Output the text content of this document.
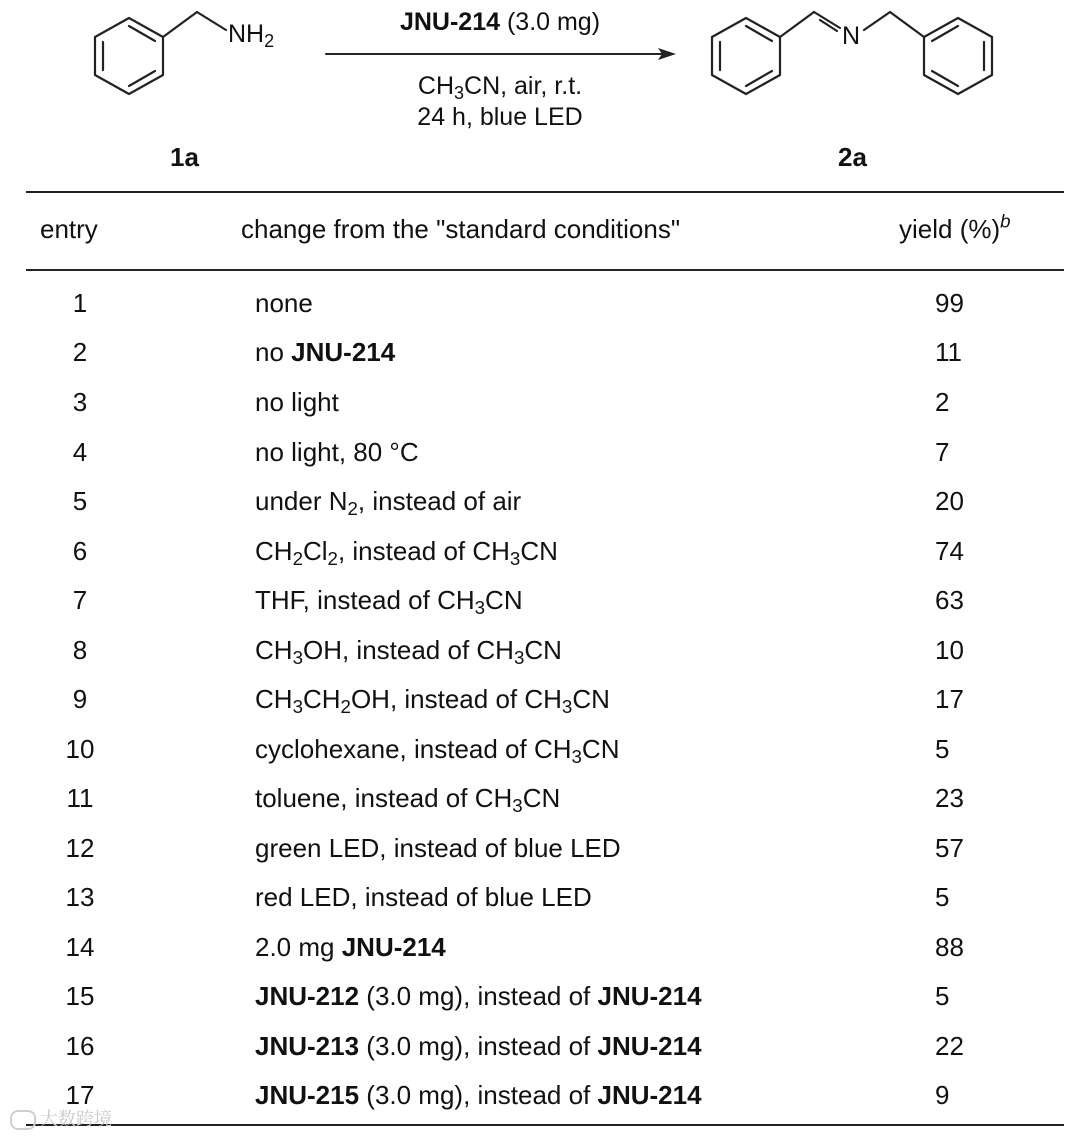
$NH_2$	N
JNU-214 (3.0 mg)
$CH_3CN$, air, r.t.
24 h, blue LED
1a	2a
entry	change from the "standard conditions"	yield (%)$^b$
1	none	99
2	no JNU-214	11
3	no light	2
4	no light, 80 °C	7
5	under $N_2$, instead of air	20
6	$CH_2Cl_2$, instead of $CH_3CN$	74
7	THF, instead of $CH_3CN$	63
8	$CH_3OH$, instead of $CH_3CN$	10
9	$CH_3CH_2OH$, instead of $CH_3CN$	17
10	cyclohexane, instead of $CH_3CN$	5
11	toluene, instead of $CH_3CN$	23
12	green LED, instead of blue LED	57
13	red LED, instead of blue LED	5
14	2.0 mg JNU-214	88
15	JNU-212 (3.0 mg), instead of JNU-214	5
16	JNU-213 (3.0 mg), instead of JNU-214	22
17	JNU-215 (3.0 mg), instead of JNU-214	9
大数跨境
